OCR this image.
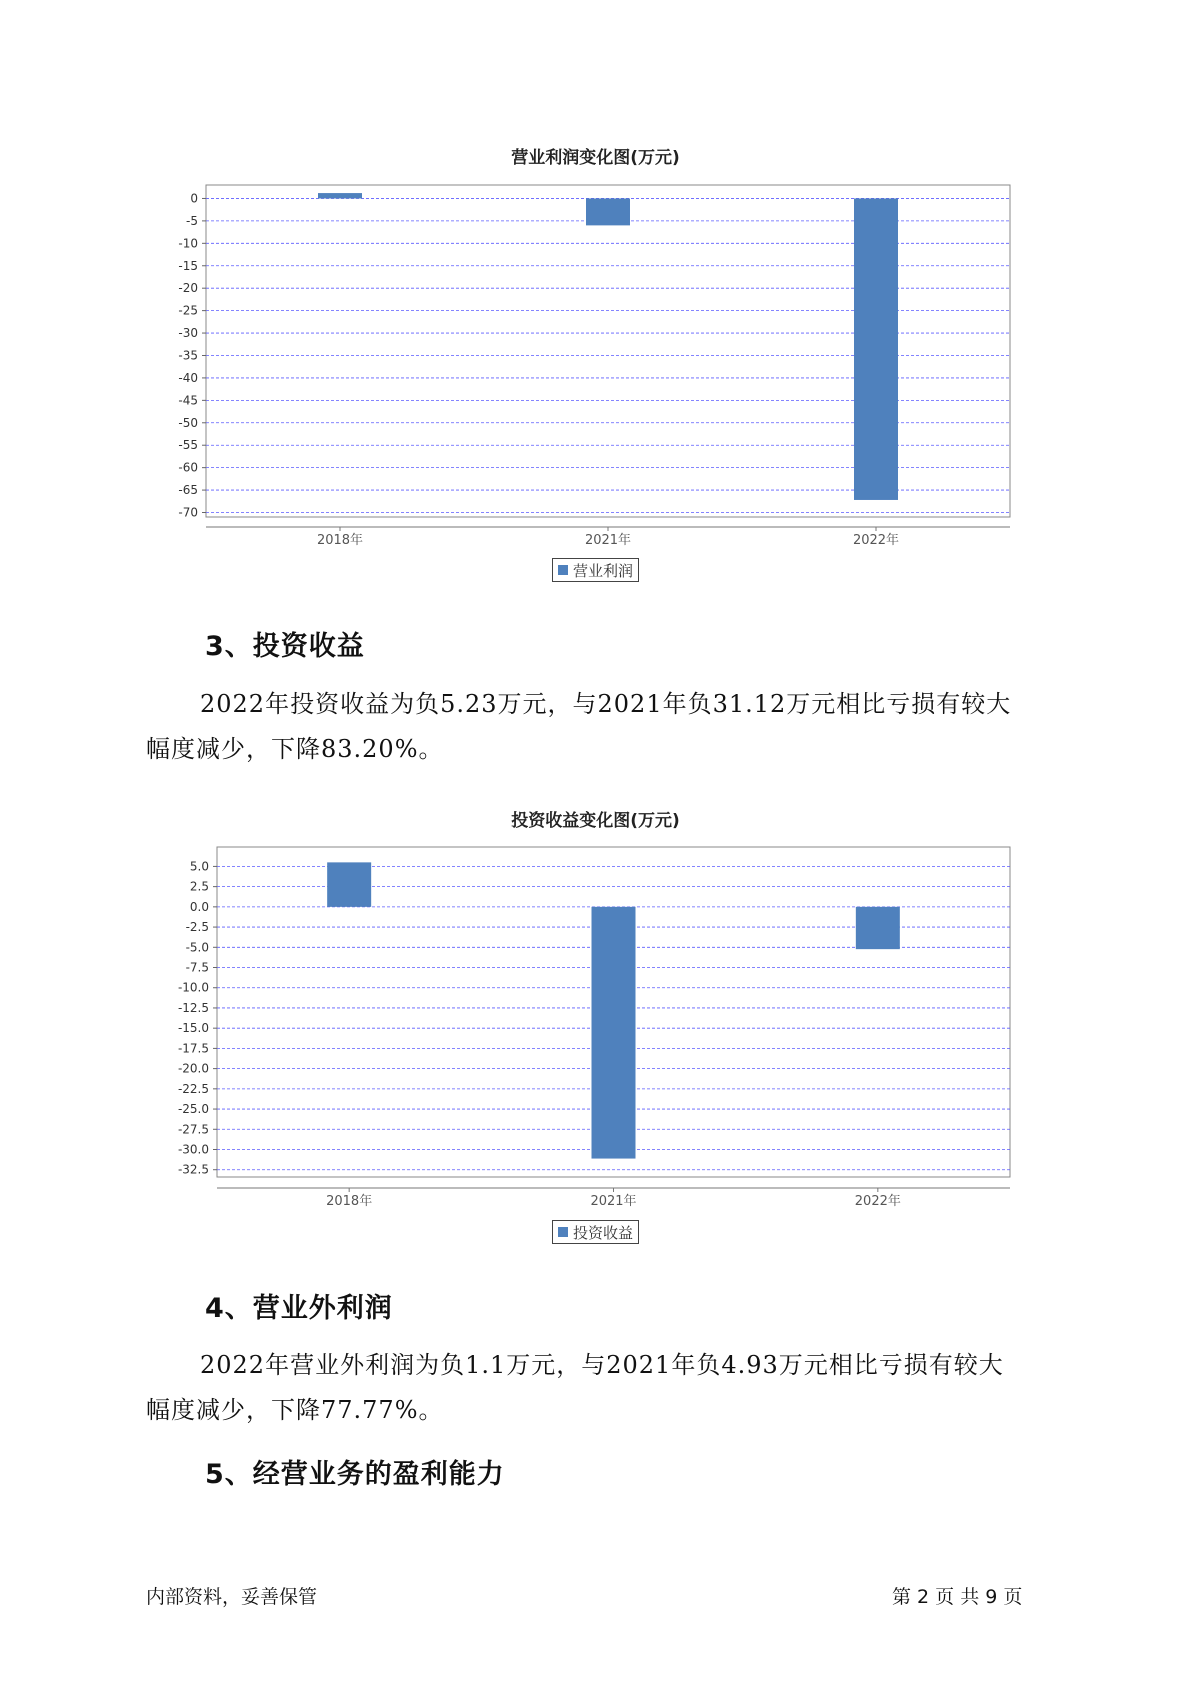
营业利润变化图(万元)
0
-5
-10
-15
-20
-25
-30
-35
-40
-45
-50
-55
-60
-65
-70
2018年	2021年	2022年
营业利润
3、投资收益
2022年投资收益为负5.23万元，与2021年负31.12万元相比亏损有较大
幅度减少，下降83.20%。
投资收益变化图(万元)
5.0
2.5
0.0
-2.5
-5.0
-7.5
-10.0
-12.5
-15.0
-17.5
-20.0
-22.5
-25.0
-27.5
-30.0
-32.5
2018年	2021年	2022年
投资收益
4、营业外利润
2022年营业外利润为负1.1万元，与2021年负4.93万元相比亏损有较大
幅度减少，下降77.77%。
5、经营业务的盈利能力
内部资料，妥善保管	第 2 页 共 9 页
